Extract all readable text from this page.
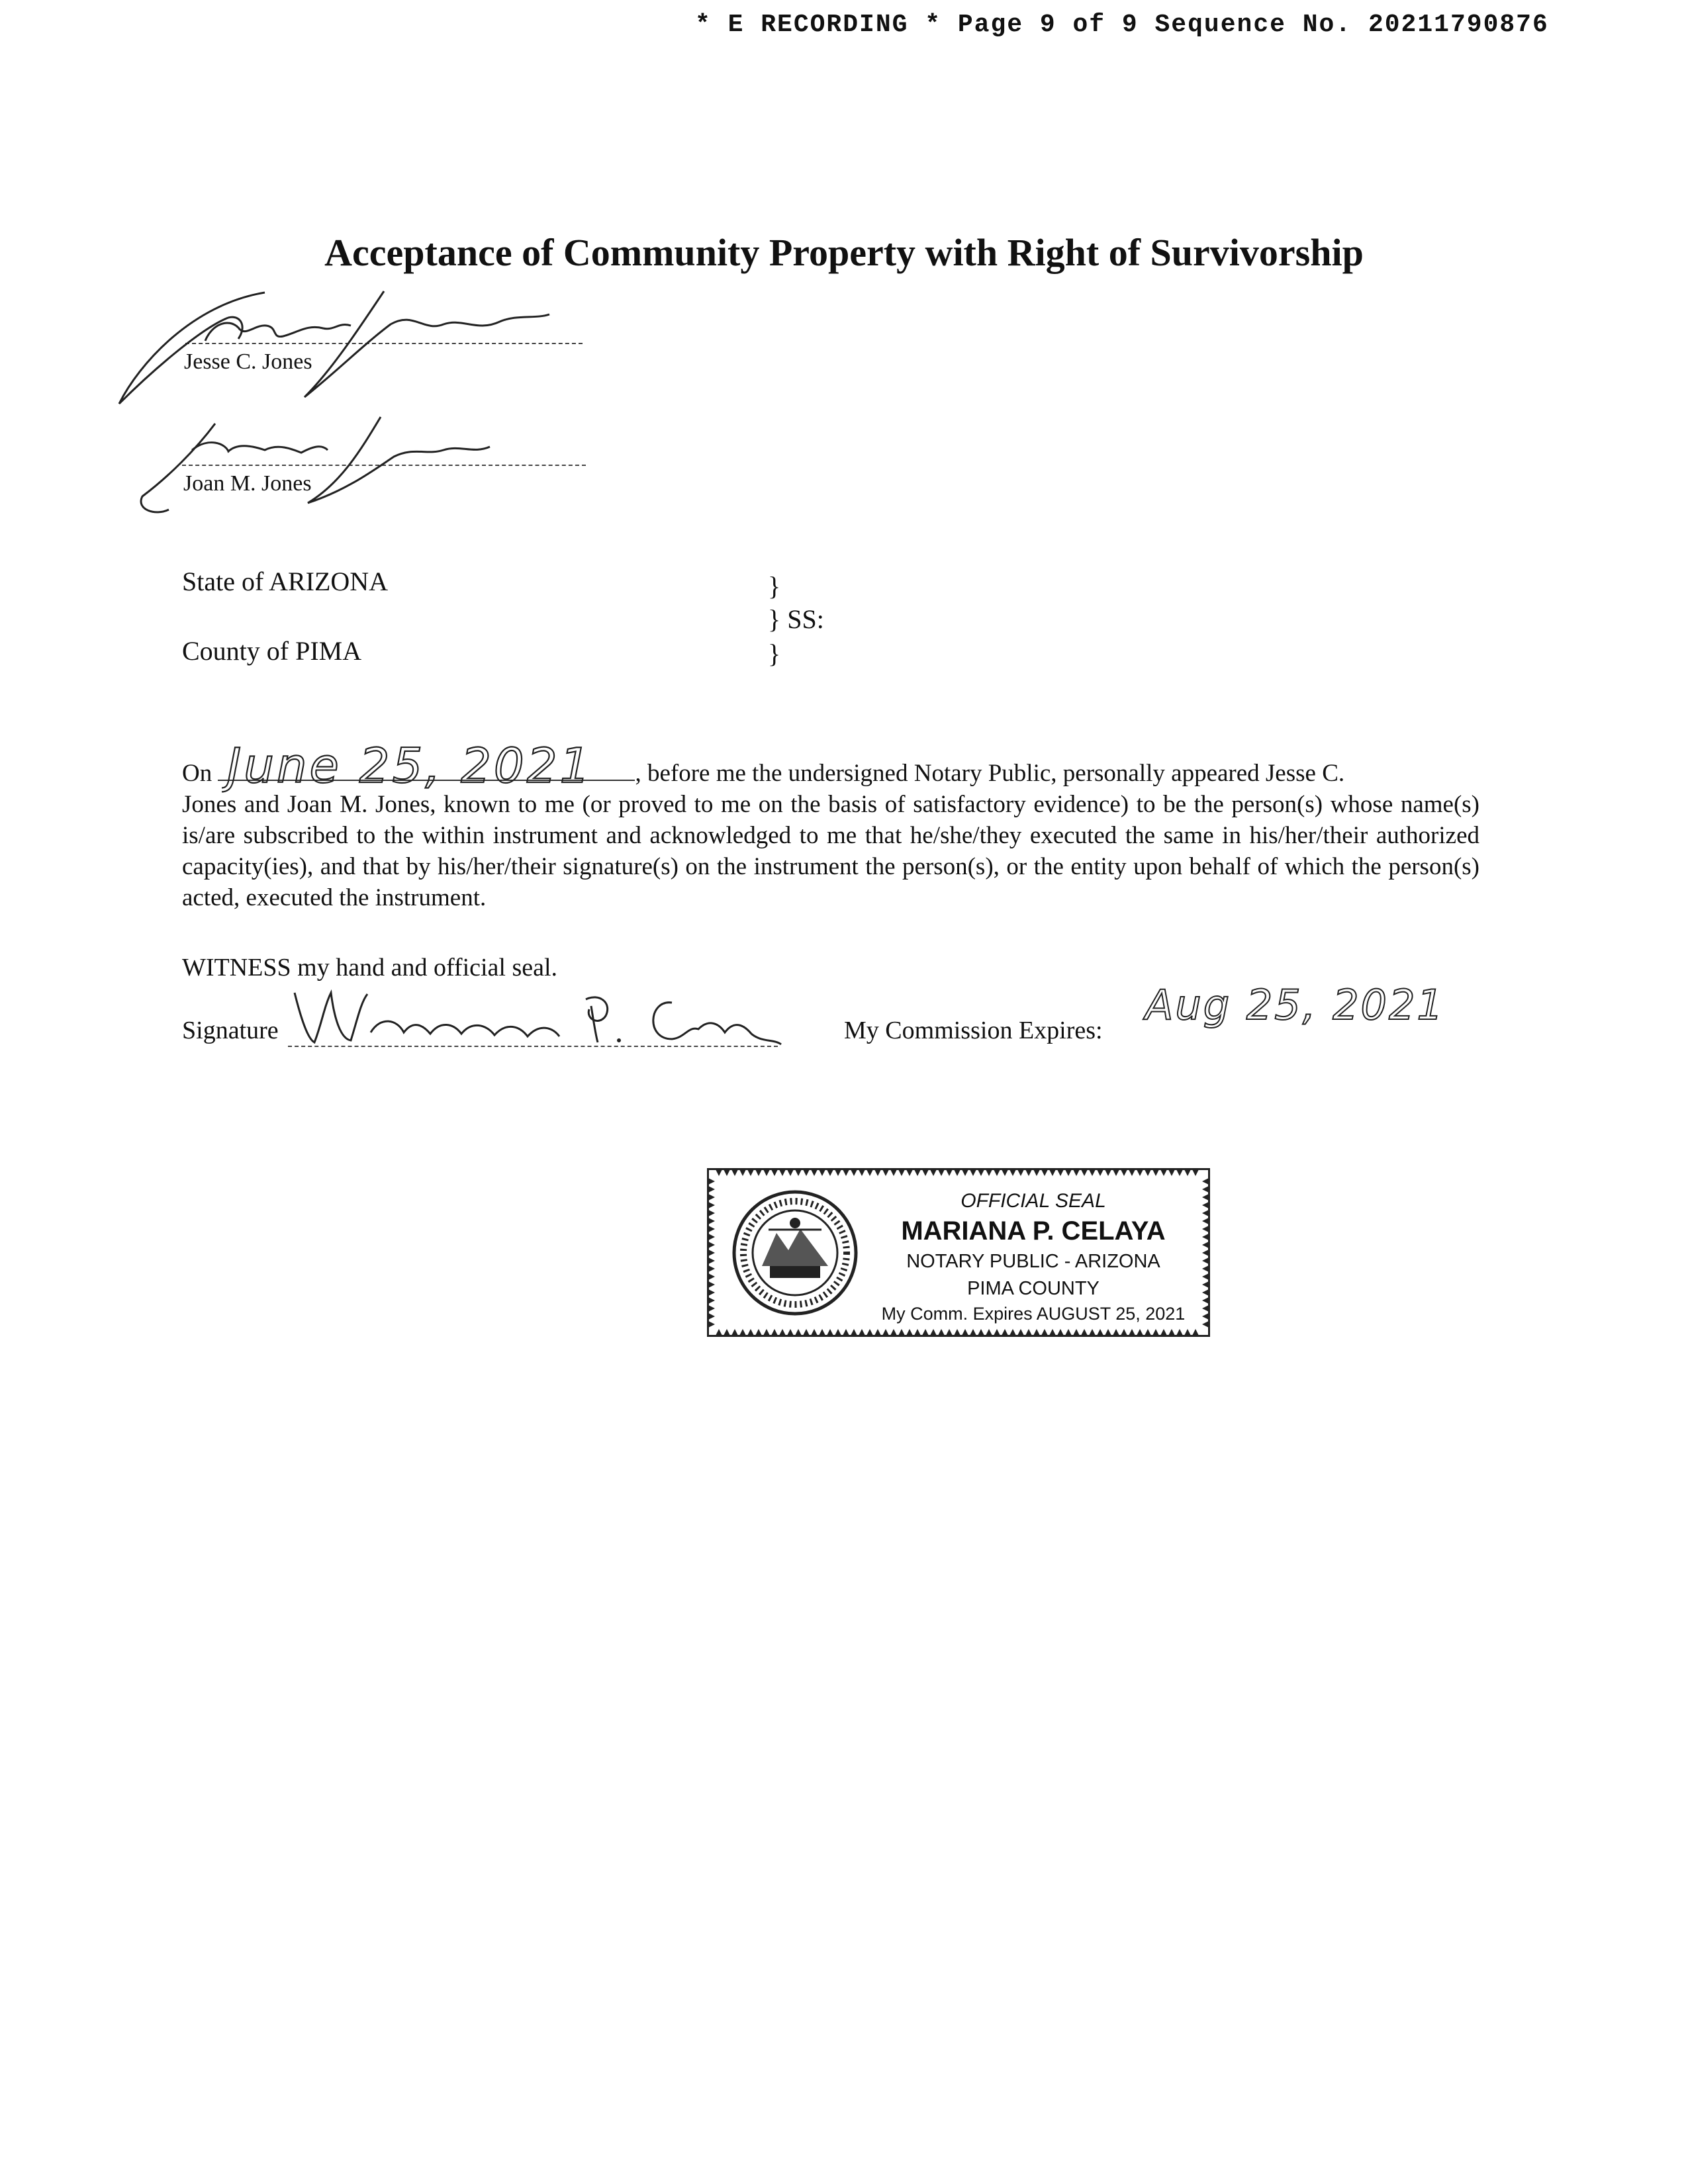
* E RECORDING * Page 9 of 9 Sequence No. 20211790876
Acceptance of Community Property with Right of Survivorship
Jesse C. Jones
Joan M. Jones
State of ARIZONA
County of PIMA
}
} SS:
}
On	, before me the undersigned Notary Public, personally appeared Jesse C.
Jones and Joan M. Jones, known to me (or proved to me on the basis of satisfactory evidence) to be the person(s) whose name(s) is/are subscribed to the within instrument and acknowledged to me that he/she/they executed the same in his/her/their authorized capacity(ies), and that by his/her/their signature(s) on the instrument the person(s), or the entity upon behalf of which the person(s) acted, executed the instrument.
June 25, 2021
WITNESS my hand and official seal.
Signature	My Commission Expires:
Aug 25, 2021
OFFICIAL SEAL
MARIANA P. CELAYA
NOTARY PUBLIC - ARIZONA
PIMA COUNTY
My Comm. Expires AUGUST 25, 2021
